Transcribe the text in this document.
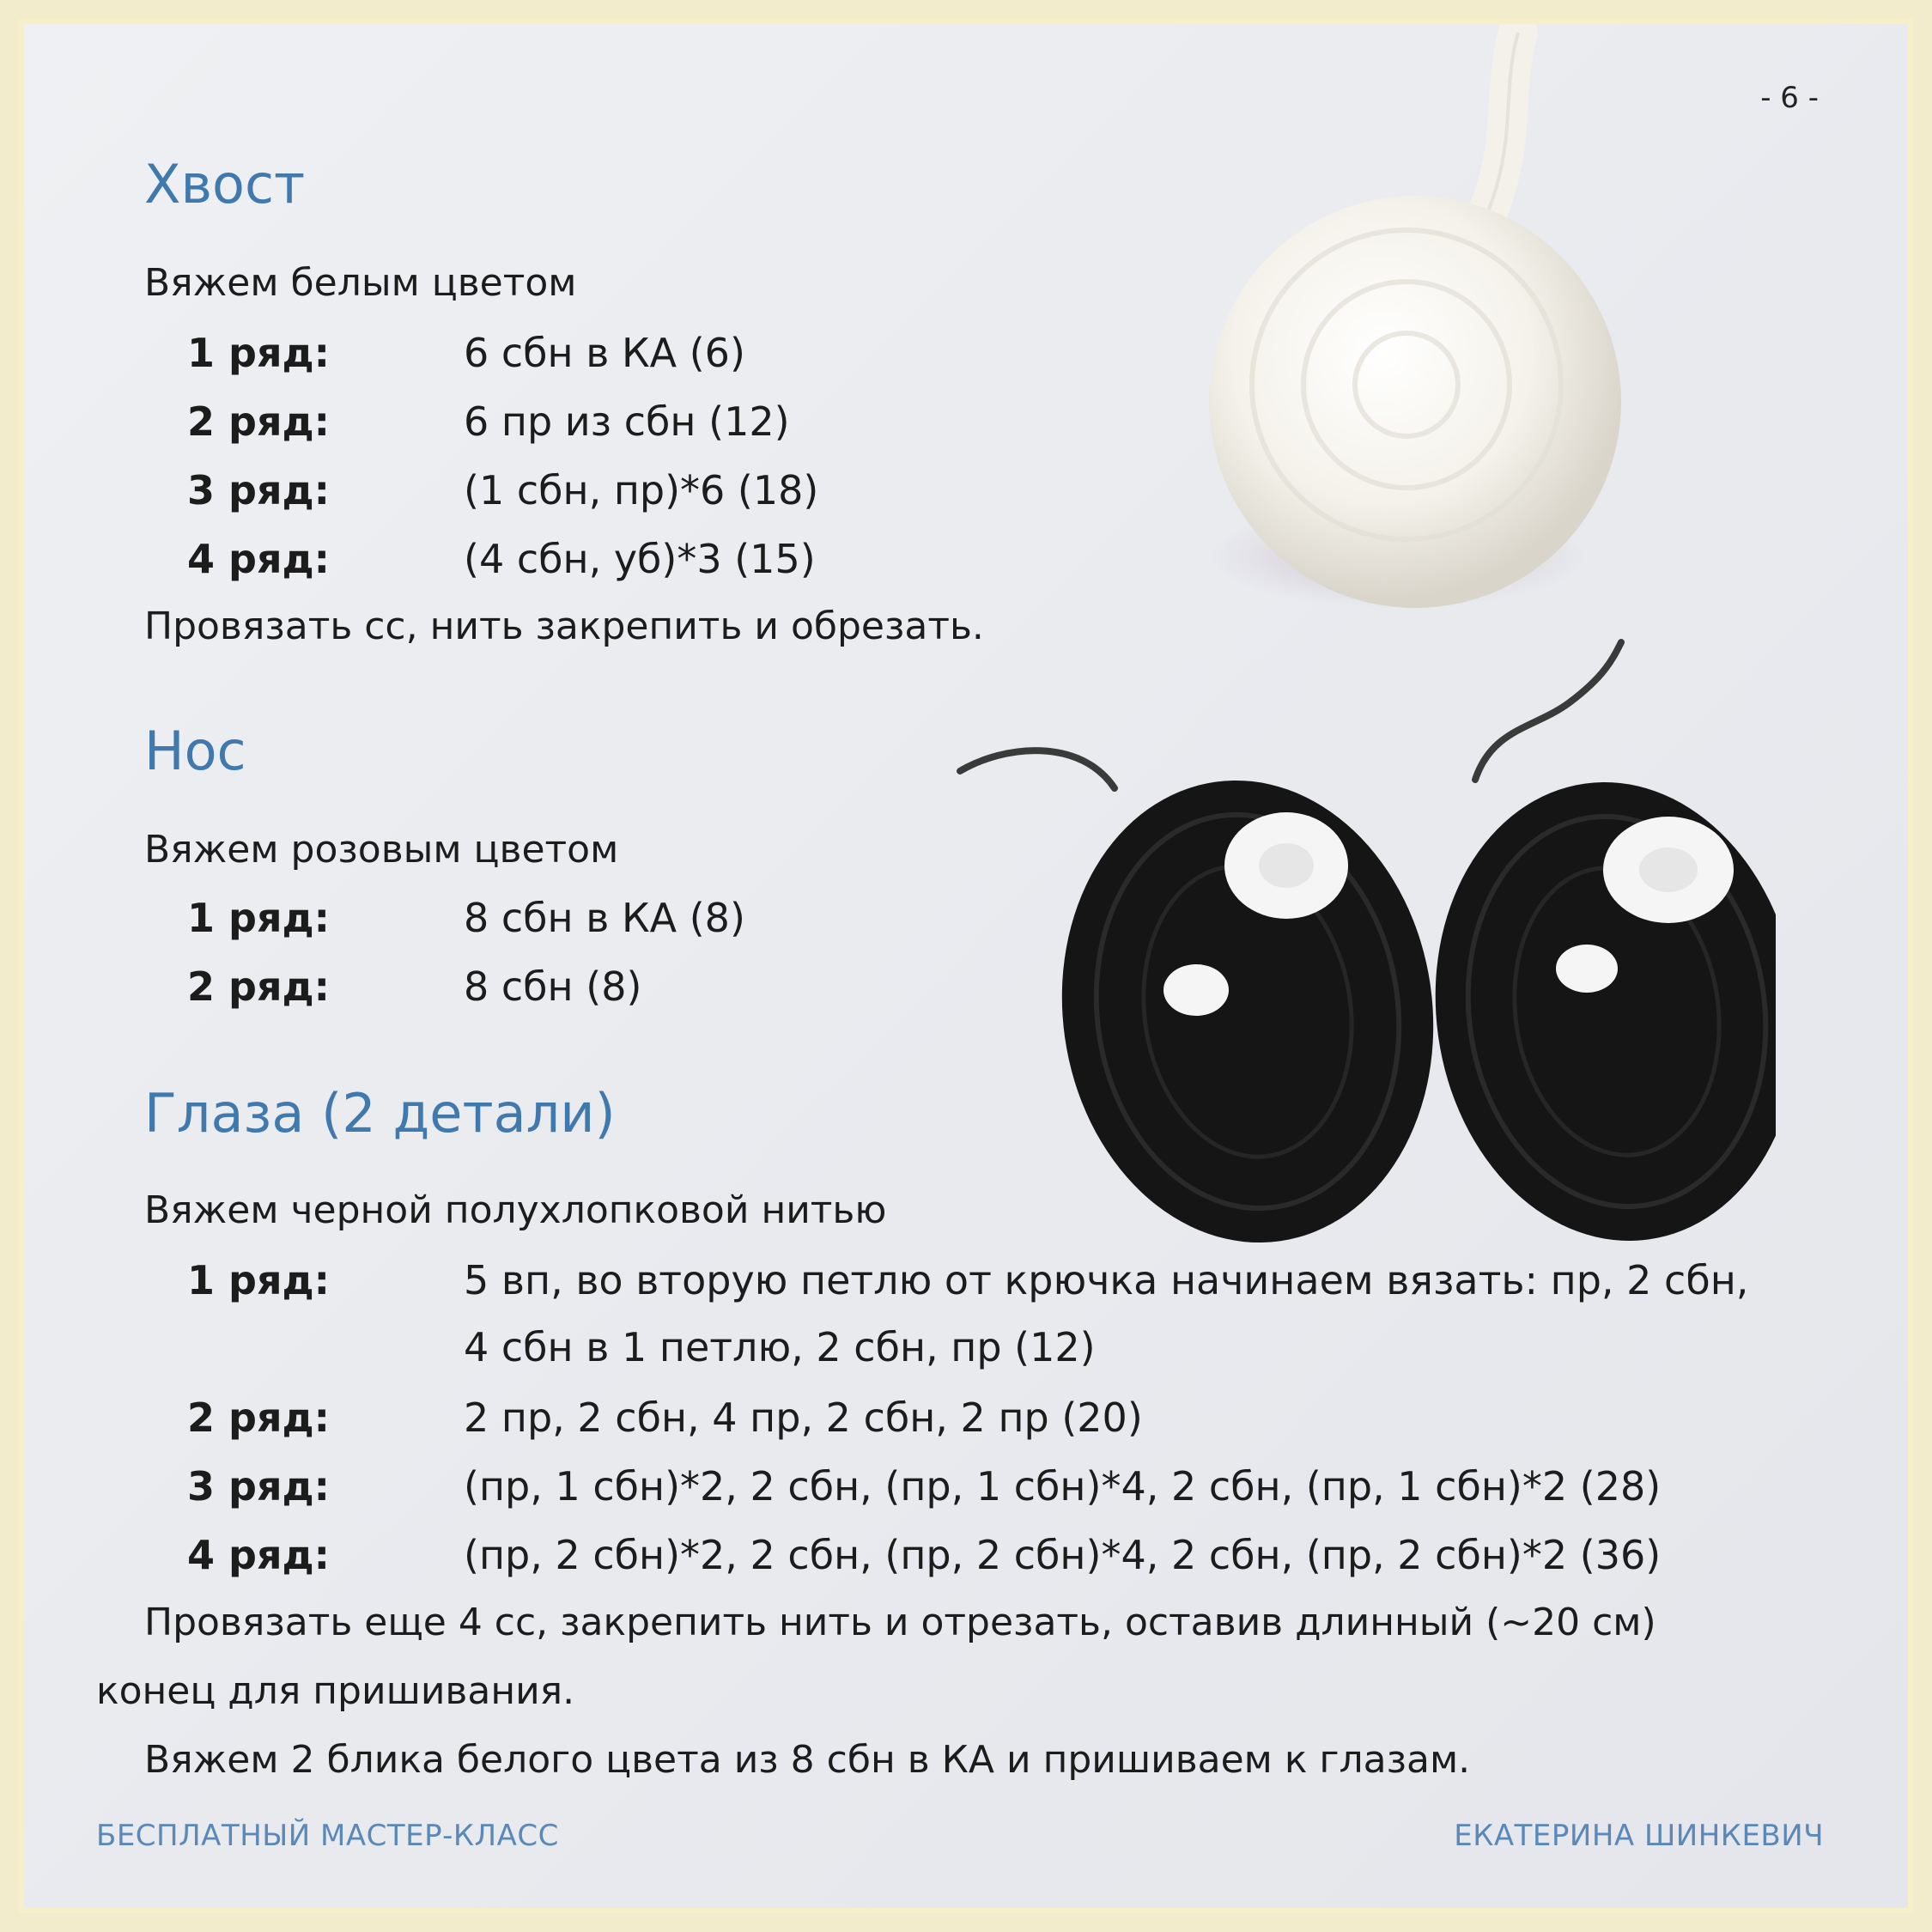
- 6 -
Хвост
Вяжем белым цветом
1 ряд:	6 сбн в КА (6)
2 ряд:	6 пр из сбн (12)
3 ряд:	(1 сбн, пр)*6 (18)
4 ряд:	(4 сбн, уб)*3 (15)
Провязать сс, нить закрепить и обрезать.
Нос
Вяжем розовым цветом
1 ряд:	8 сбн в КА (8)
2 ряд:	8 сбн (8)
Глаза (2 детали)
Вяжем черной полухлопковой нитью
1 ряд:	5 вп, во вторую петлю от крючка начинаем вязать: пр, 2 сбн,
4 сбн в 1 петлю, 2 сбн, пр (12)
2 ряд:	2 пр, 2 сбн, 4 пр, 2 сбн, 2 пр (20)
3 ряд:	(пр, 1 сбн)*2, 2 сбн, (пр, 1 сбн)*4, 2 сбн, (пр, 1 сбн)*2 (28)
4 ряд:	(пр, 2 сбн)*2, 2 сбн, (пр, 2 сбн)*4, 2 сбн, (пр, 2 сбн)*2 (36)
Провязать еще 4 сс, закрепить нить и отрезать, оставив длинный (~20 см)
конец для пришивания.
Вяжем 2 блика белого цвета из 8 сбн в КА и пришиваем к глазам.
БЕСПЛАТНЫЙ МАСТЕР-КЛАСС	ЕКАТЕРИНА ШИНКЕВИЧ
